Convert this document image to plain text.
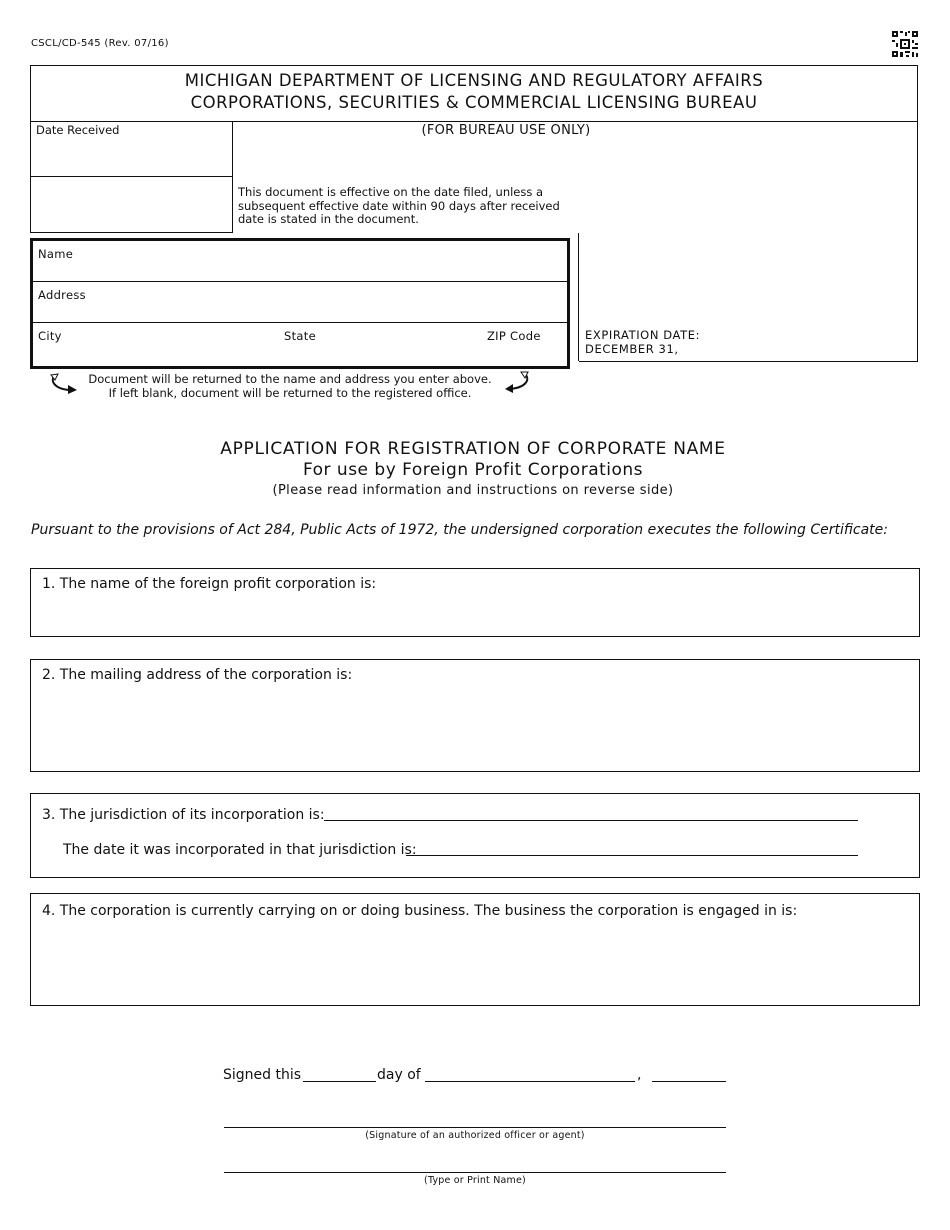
CSCL/CD-545 (Rev. 07/16)
MICHIGAN DEPARTMENT OF LICENSING AND REGULATORY AFFAIRS
CORPORATIONS, SECURITIES & COMMERCIAL LICENSING BUREAU
Date Received	(FOR BUREAU USE ONLY)
This document is effective on the date filed, unless a subsequent effective date within 90 days after received date is stated in the document.
EXPIRATION DATE:
DECEMBER 31,
Name
Address
City	State	ZIP Code
Document will be returned to the name and address you enter above.
If left blank, document will be returned to the registered office.
APPLICATION FOR REGISTRATION OF CORPORATE NAME
For use by Foreign Profit Corporations
(Please read information and instructions on reverse side)
Pursuant to the provisions of Act 284, Public Acts of 1972, the undersigned corporation executes the following Certificate:
1. The name of the foreign profit corporation is:
2. The mailing address of the corporation is:
3. The jurisdiction of its incorporation is:
The date it was incorporated in that jurisdiction is:
4. The corporation is currently carrying on or doing business. The business the corporation is engaged in is:
Signed this	day of	,
(Signature of an authorized officer or agent)
(Type or Print Name)
